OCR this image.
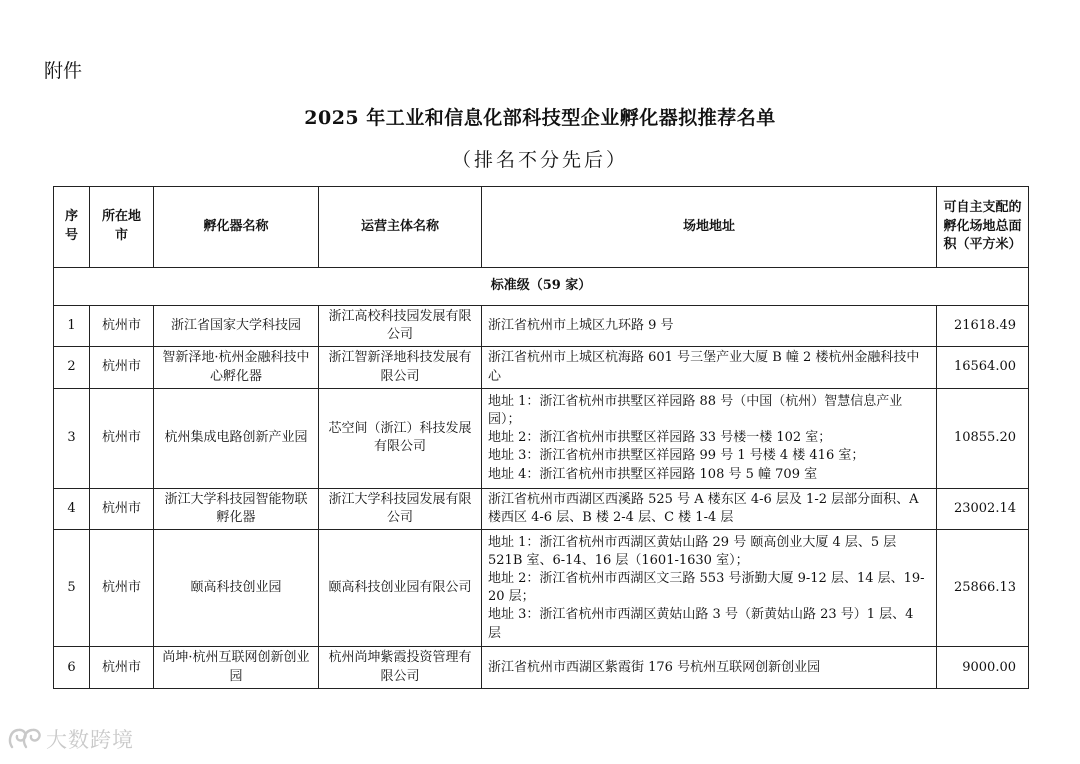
附件
2025 年工业和信息化部科技型企业孵化器拟推荐名单
（排名不分先后）
序号	所在地市	孵化器名称	运营主体名称	场地地址	可自主支配的孵化场地总面积（平方米）
标准级（59 家）					
1	杭州市	浙江省国家大学科技园	浙江高校科技园发展有限公司	浙江省杭州市上城区九环路 9 号	21618.49
2	杭州市	智新泽地·杭州金融科技中心孵化器	浙江智新泽地科技发展有限公司	浙江省杭州市上城区杭海路 601 号三堡产业大厦 B 幢 2 楼杭州金融科技中心	16564.00
3	杭州市	杭州集成电路创新产业园	芯空间（浙江）科技发展有限公司	地址 1：浙江省杭州市拱墅区祥园路 88 号（中国（杭州）智慧信息产业园）；
地址 2：浙江省杭州市拱墅区祥园路 33 号楼一楼 102 室；
地址 3：浙江省杭州市拱墅区祥园路 99 号 1 号楼 4 楼 416 室；
地址 4：浙江省杭州市拱墅区祥园路 108 号 5 幢 709 室	10855.20
4	杭州市	浙江大学科技园智能物联孵化器	浙江大学科技园发展有限公司	浙江省杭州市西湖区西溪路 525 号 A 楼东区 4-6 层及 1-2 层部分面积、A 楼西区 4-6 层、B 楼 2-4 层、C 楼 1-4 层	23002.14
5	杭州市	颐高科技创业园	颐高科技创业园有限公司	地址 1：浙江省杭州市西湖区黄姑山路 29 号 颐高创业大厦 4 层、5 层 521B 室、6-14、16 层（1601-1630 室）；
地址 2：浙江省杭州市西湖区文三路 553 号浙勤大厦 9-12 层、14 层、19-20 层；
地址 3：浙江省杭州市西湖区黄姑山路 3 号（新黄姑山路 23 号）1 层、4 层	25866.13
6	杭州市	尚坤·杭州互联网创新创业园	杭州尚坤紫霞投资管理有限公司	浙江省杭州市西湖区紫霞街 176 号杭州互联网创新创业园	9000.00
大数跨境
